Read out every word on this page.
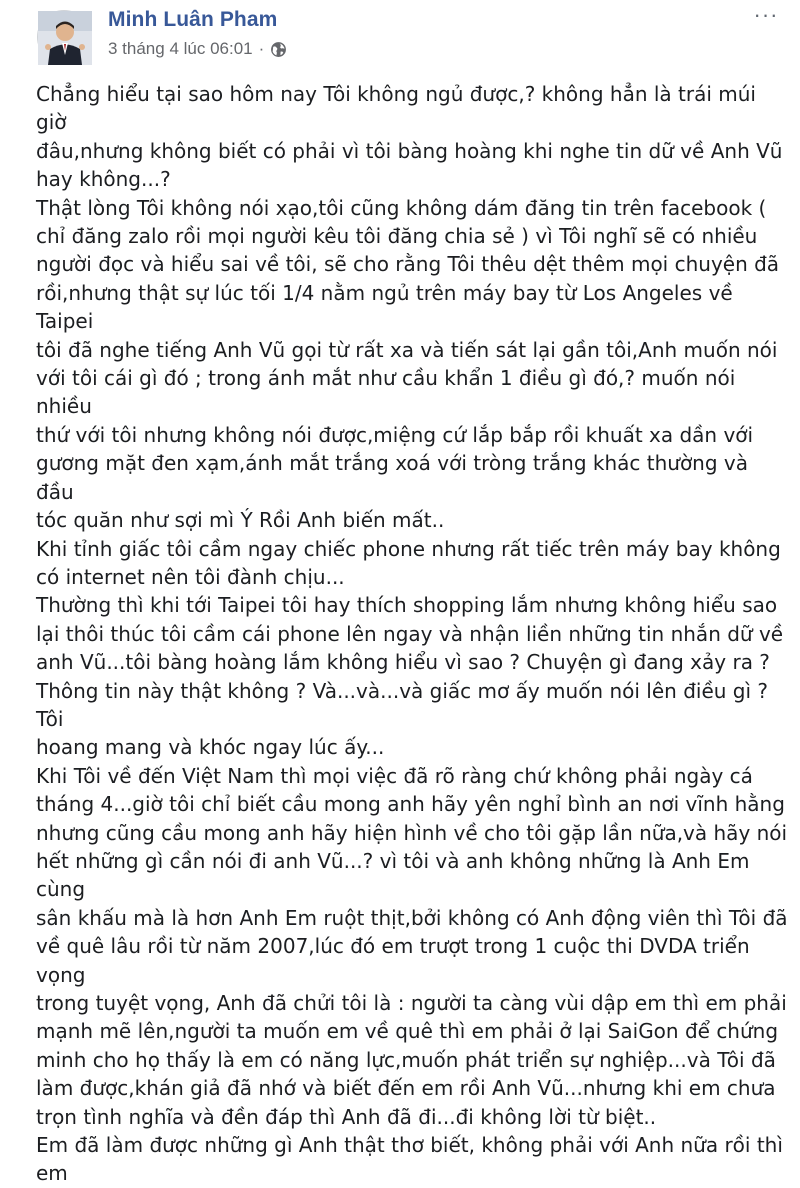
Minh Luân Pham
3 tháng 4 lúc 06:01 ·
···

Chẳng hiểu tại sao hôm nay Tôi không ngủ được,? không hẳn là trái múi giờ

đâu,nhưng không biết có phải vì tôi bàng hoàng khi nghe tin dữ về Anh Vũ

hay không...?

Thật lòng Tôi không nói xạo,tôi cũng không dám đăng tin trên facebook (

chỉ đăng zalo rồi mọi người kêu tôi đăng chia sẻ ) vì Tôi nghĩ sẽ có nhiều

người đọc và hiểu sai về tôi, sẽ cho rằng Tôi thêu dệt thêm mọi chuyện đã

rồi,nhưng thật sự lúc tối 1/4 nằm ngủ trên máy bay từ Los Angeles về Taipei

tôi đã nghe tiếng Anh Vũ gọi từ rất xa và tiến sát lại gần tôi,Anh muốn nói

với tôi cái gì đó ; trong ánh mắt như cầu khẩn 1 điều gì đó,? muốn nói nhiều

thứ với tôi nhưng không nói được,miệng cứ lắp bắp rồi khuất xa dần với

gương mặt đen xạm,ánh mắt trắng xoá với tròng trắng khác thường và đầu

tóc quăn như sợi mì Ý Rồi Anh biến mất..

Khi tỉnh giấc tôi cầm ngay chiếc phone nhưng rất tiếc trên máy bay không

có internet nên tôi đành chịu...

Thường thì khi tới Taipei tôi hay thích shopping lắm nhưng không hiểu sao

lại thôi thúc tôi cầm cái phone lên ngay và nhận liền những tin nhắn dữ về

anh Vũ...tôi bàng hoàng lắm không hiểu vì sao ? Chuyện gì đang xảy ra ?

Thông tin này thật không ? Và...và...và giấc mơ ấy muốn nói lên điều gì ? Tôi

hoang mang và khóc ngay lúc ấy...

Khi Tôi về đến Việt Nam thì mọi việc đã rõ ràng chứ không phải ngày cá

tháng 4...giờ tôi chỉ biết cầu mong anh hãy yên nghỉ bình an nơi vĩnh hằng

nhưng cũng cầu mong anh hãy hiện hình về cho tôi gặp lần nữa,và hãy nói

hết những gì cần nói đi anh Vũ...? vì tôi và anh không những là Anh Em cùng

sân khấu mà là hơn Anh Em ruột thịt,bởi không có Anh động viên thì Tôi đã

về quê lâu rồi từ năm 2007,lúc đó em trượt trong 1 cuộc thi DVDA triển vọng

trong tuyệt vọng, Anh đã chửi tôi là : người ta càng vùi dập em thì em phải

mạnh mẽ lên,người ta muốn em về quê thì em phải ở lại SaiGon để chứng

minh cho họ thấy là em có năng lực,muốn phát triển sự nghiệp...và Tôi đã

làm được,khán giả đã nhớ và biết đến em rồi Anh Vũ...nhưng khi em chưa

trọn tình nghĩa và đền đáp thì Anh đã đi...đi không lời từ biệt..

Em đã làm được những gì Anh thật thơ biết, không phải với Anh nữa rồi thì em
